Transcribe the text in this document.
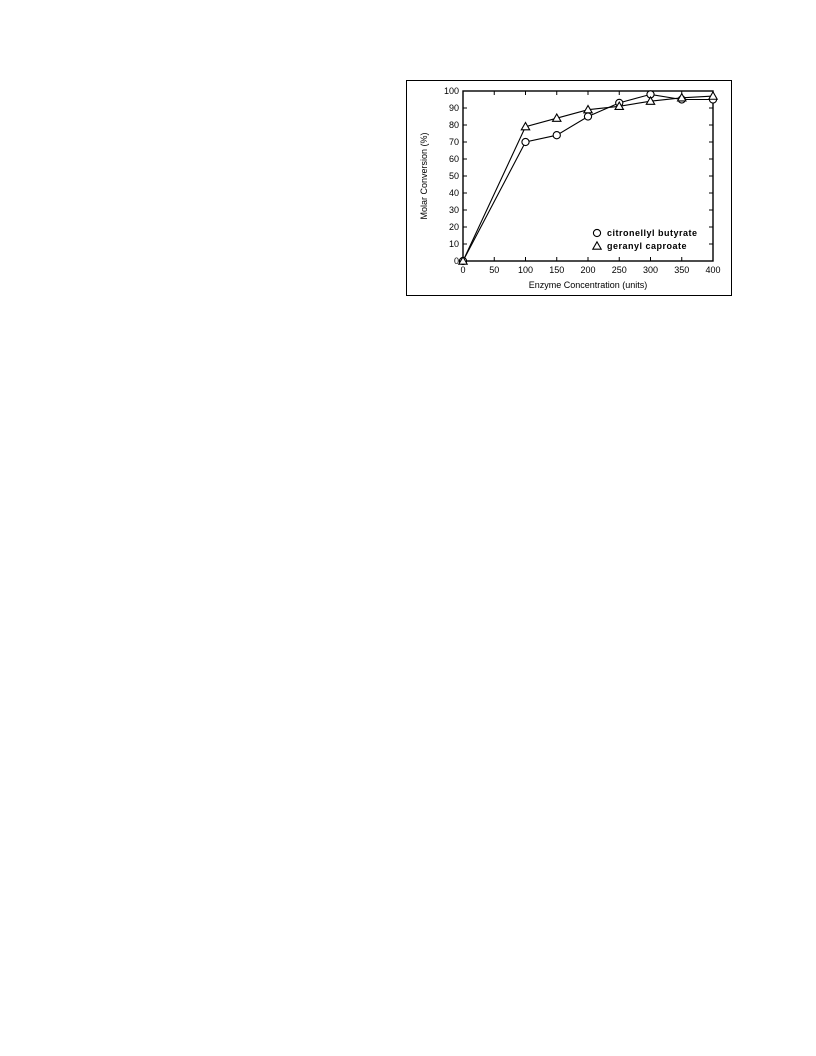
0
10
20
30
40
50
60
70
80
90
100
0	50 100 150 200 250 300 350 400
citronellyl butyrate
geranyl caproate
Enzyme Concentration (units)
Molar Conversion (%)
